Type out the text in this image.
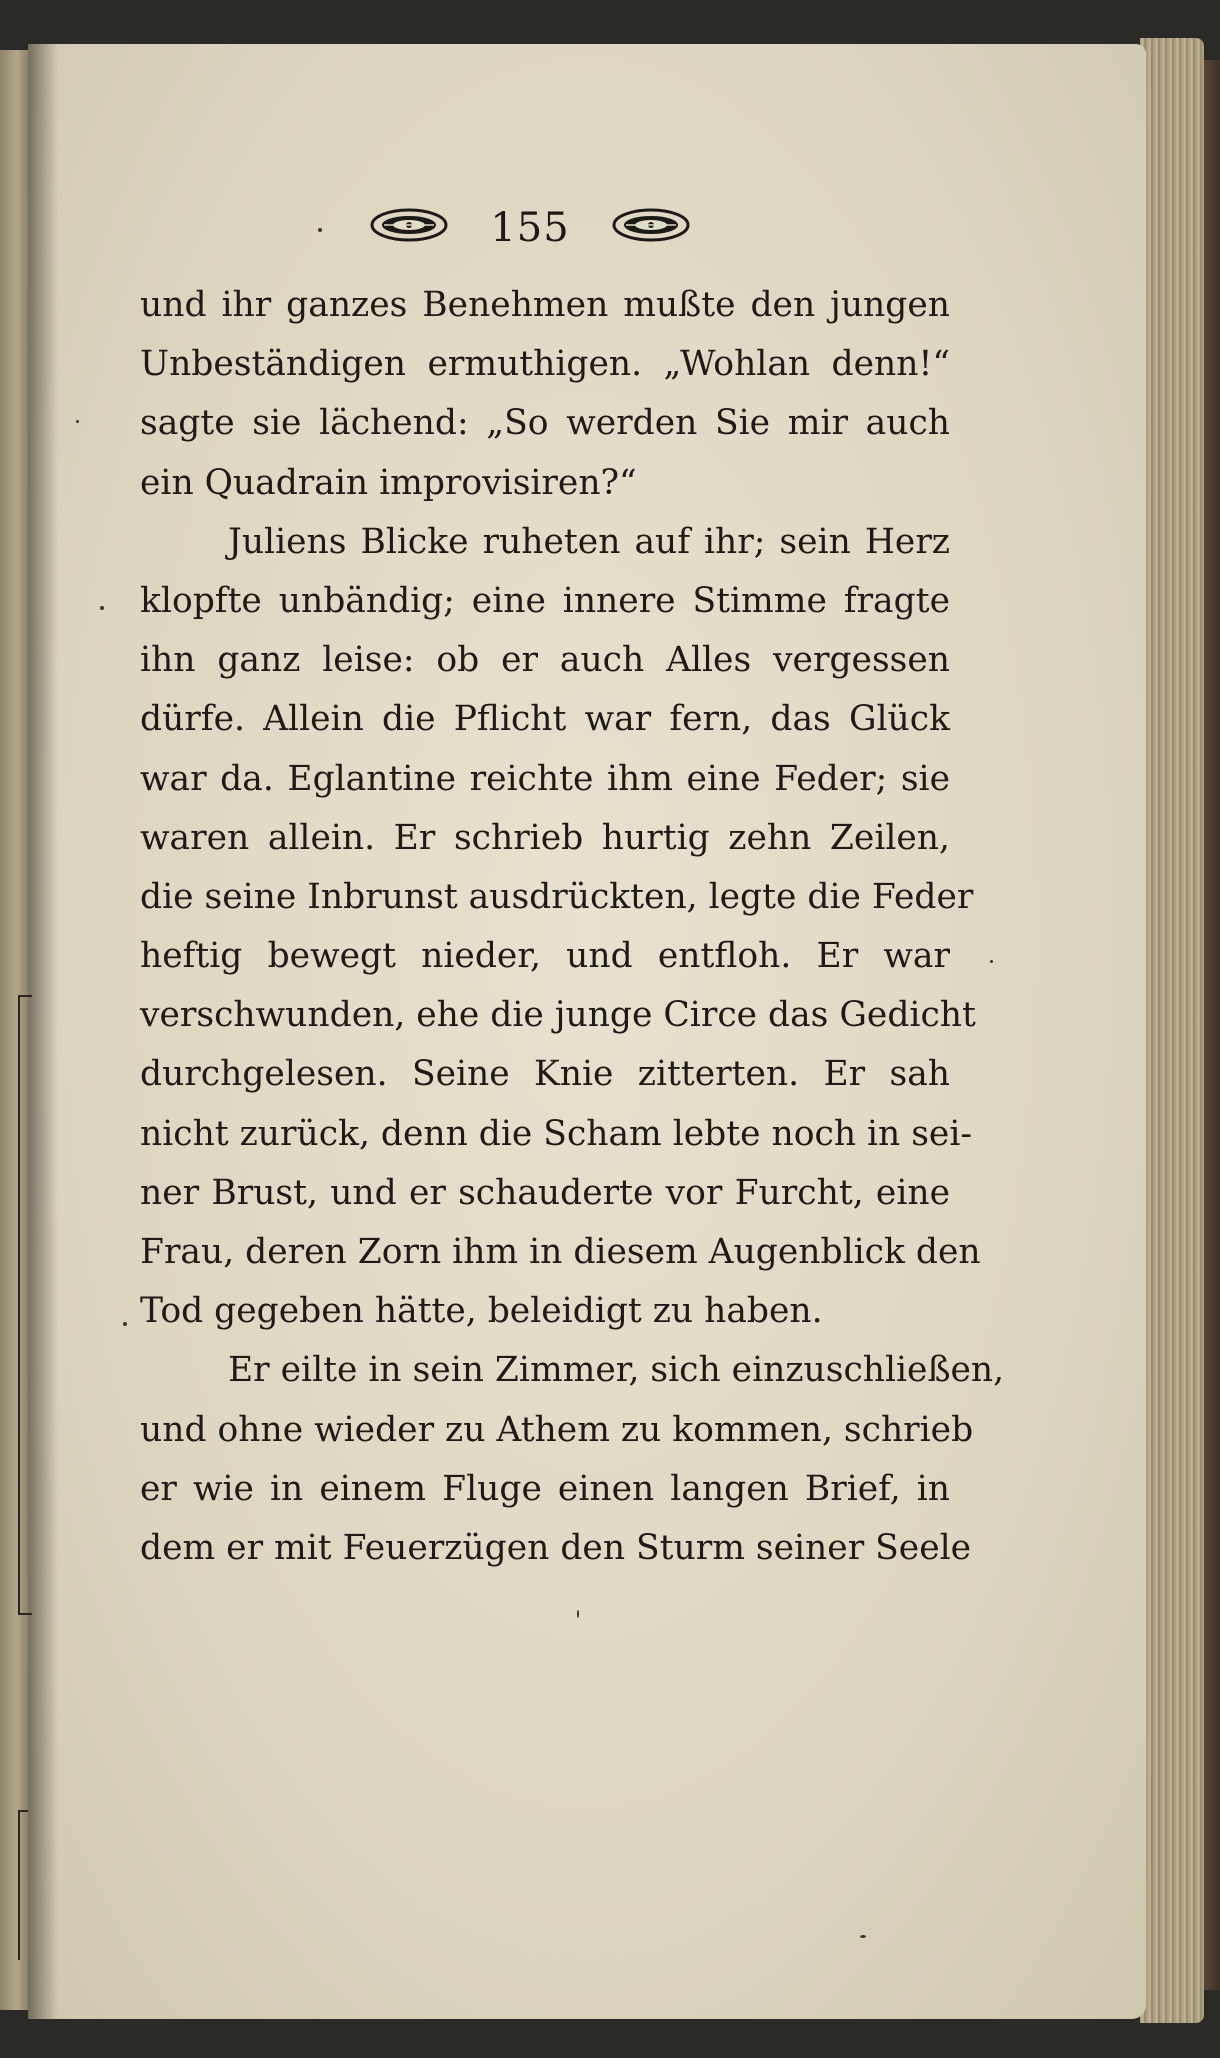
155
und ihr ganzes Benehmen mußte den jungen
Unbeständigen ermuthigen. „Wohlan denn!“
sagte sie lächend: „So werden Sie mir auch
ein Quadrain improvisiren?“
Juliens Blicke ruheten auf ihr; sein Herz
klopfte unbändig; eine innere Stimme fragte
ihn ganz leise: ob er auch Alles vergessen
dürfe. Allein die Pflicht war fern, das Glück
war da. Eglantine reichte ihm eine Feder; sie
waren allein. Er schrieb hurtig zehn Zeilen,
die seine Inbrunst ausdrückten, legte die Feder
heftig bewegt nieder, und entfloh. Er war
verschwunden, ehe die junge Circe das Gedicht
durchgelesen. Seine Knie zitterten. Er sah
nicht zurück, denn die Scham lebte noch in sei-
ner Brust, und er schauderte vor Furcht, eine
Frau, deren Zorn ihm in diesem Augenblick den
Tod gegeben hätte, beleidigt zu haben.
Er eilte in sein Zimmer, sich einzuschließen,
und ohne wieder zu Athem zu kommen, schrieb
er wie in einem Fluge einen langen Brief, in
dem er mit Feuerzügen den Sturm seiner Seele
